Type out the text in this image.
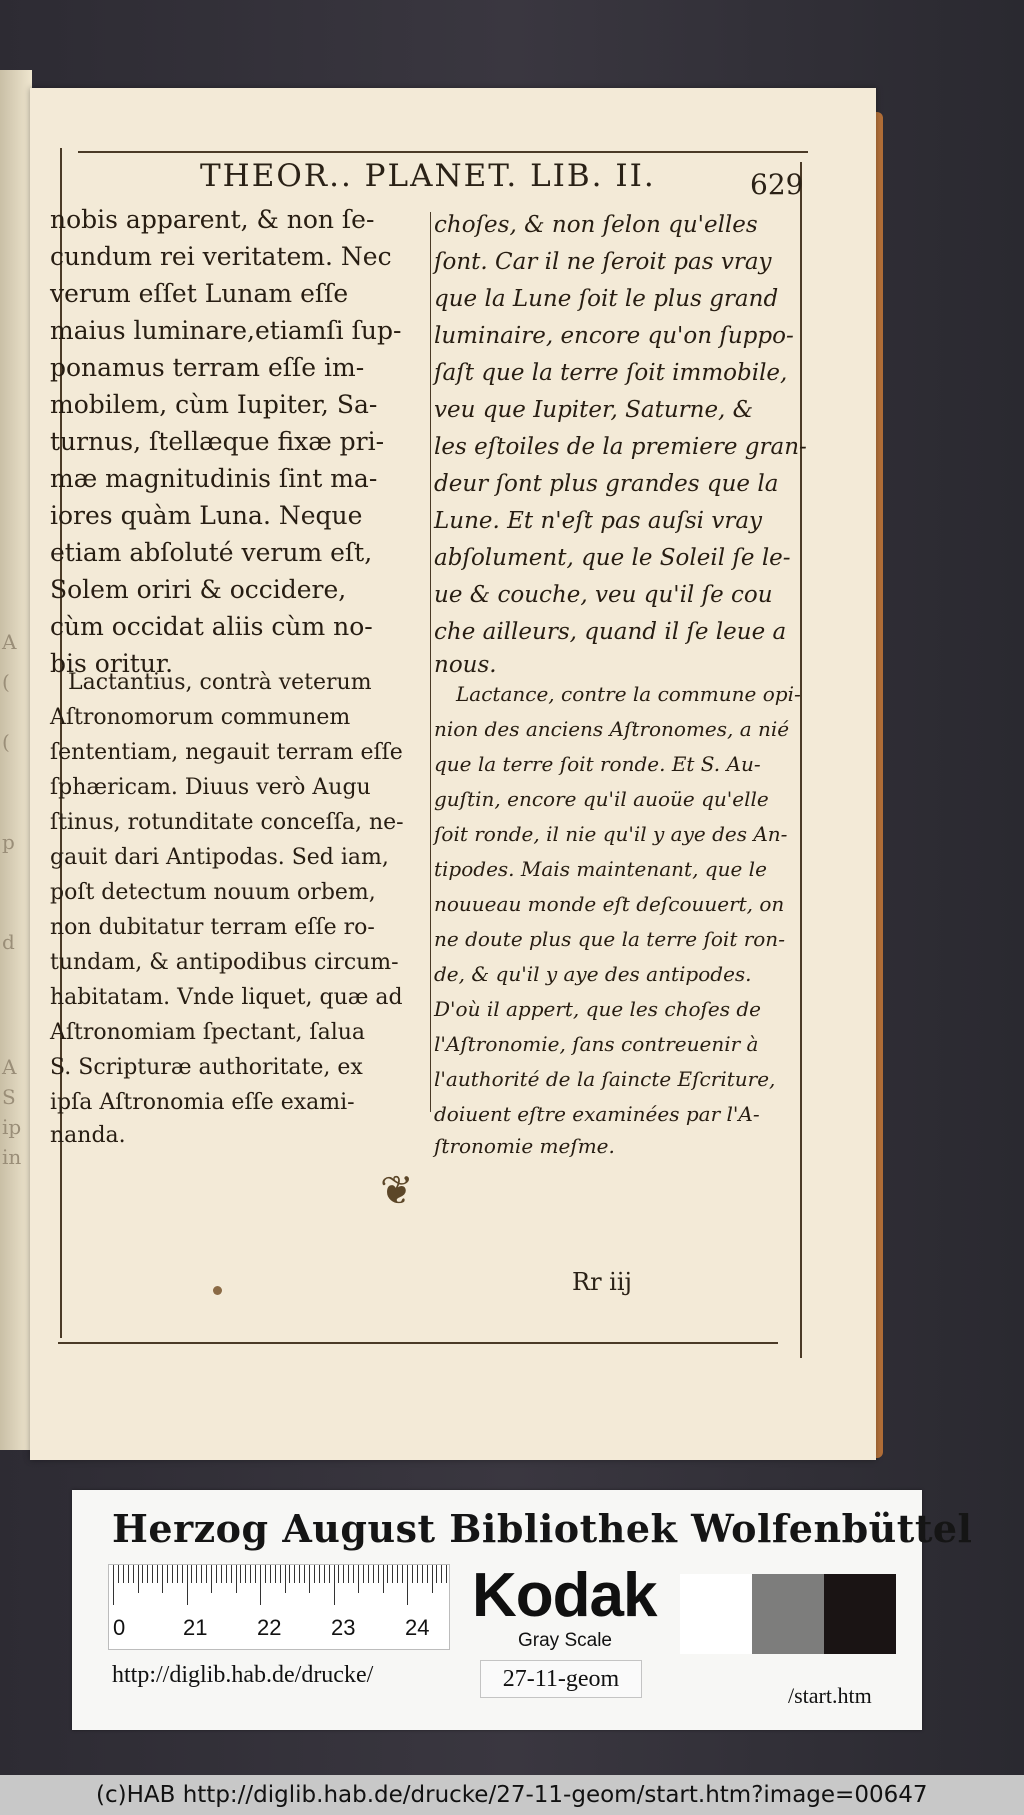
A
(
(
p
d
A
S
ip
in
THEOR.. PLANET. LIB. II.	629
nobis apparent, & non ſe-
cundum rei veritatem. Nec
verum eſſet Lunam eſſe
maius luminare,etiamſi ſup-
ponamus terram eſſe im-
mobilem, cùm Iupiter, Sa-
turnus, ſtellæque fixæ pri-
mæ magnitudinis ſint ma-
iores quàm Luna. Neque
etiam abſoluté verum eſt,
Solem oriri & occidere,
cùm occidat aliis cùm no-
bis oritur.
Lactantius, contrà veterum
Aſtronomorum communem
ſententiam, negauit terram eſſe
ſphæricam. Diuus verò Augu
ſtinus, rotunditate conceſſa, ne-
gauit dari Antipodas. Sed iam,
poſt detectum nouum orbem,
non dubitatur terram eſſe ro-
tundam, & antipodibus circum-
habitatam. Vnde liquet, quæ ad
Aſtronomiam ſpectant, ſalua
S. Scripturæ authoritate, ex
ipſa Aſtronomia eſſe exami-
nanda.
choſes, & non ſelon qu'elles
ſont. Car il ne ſeroit pas vray
que la Lune ſoit le plus grand
luminaire, encore qu'on ſuppo-
ſaſt que la terre ſoit immobile,
veu que Iupiter, Saturne, &
les eſtoiles de la premiere gran-
deur ſont plus grandes que la
Lune. Et n'eſt pas auſsi vray
abſolument, que le Soleil ſe le-
ue & couche, veu qu'il ſe cou
che ailleurs, quand il ſe leue a
nous.
Lactance, contre la commune opi-
nion des anciens Aſtronomes, a nié
que la terre ſoit ronde. Et S. Au-
guſtin, encore qu'il auoüe qu'elle
ſoit ronde, il nie qu'il y aye des An-
tipodes. Mais maintenant, que le
nouueau monde eſt deſcouuert, on
ne doute plus que la terre ſoit ron-
de, & qu'il y aye des antipodes.
D'où il appert, que les choſes de
l'Aſtronomie, ſans contreuenir à
l'authorité de la ſaincte Eſcriture,
doiuent eſtre examinées par l'A-
ſtronomie meſme.
❦
Rr iij
Herzog August Bibliothek Wolfenbüttel
0	21 22 23 24 Kodak
Gray Scale
http://diglib.hab.de/drucke/	27-11-geom
/start.htm
(c)HAB http://diglib.hab.de/drucke/27-11-geom/start.htm?image=00647
